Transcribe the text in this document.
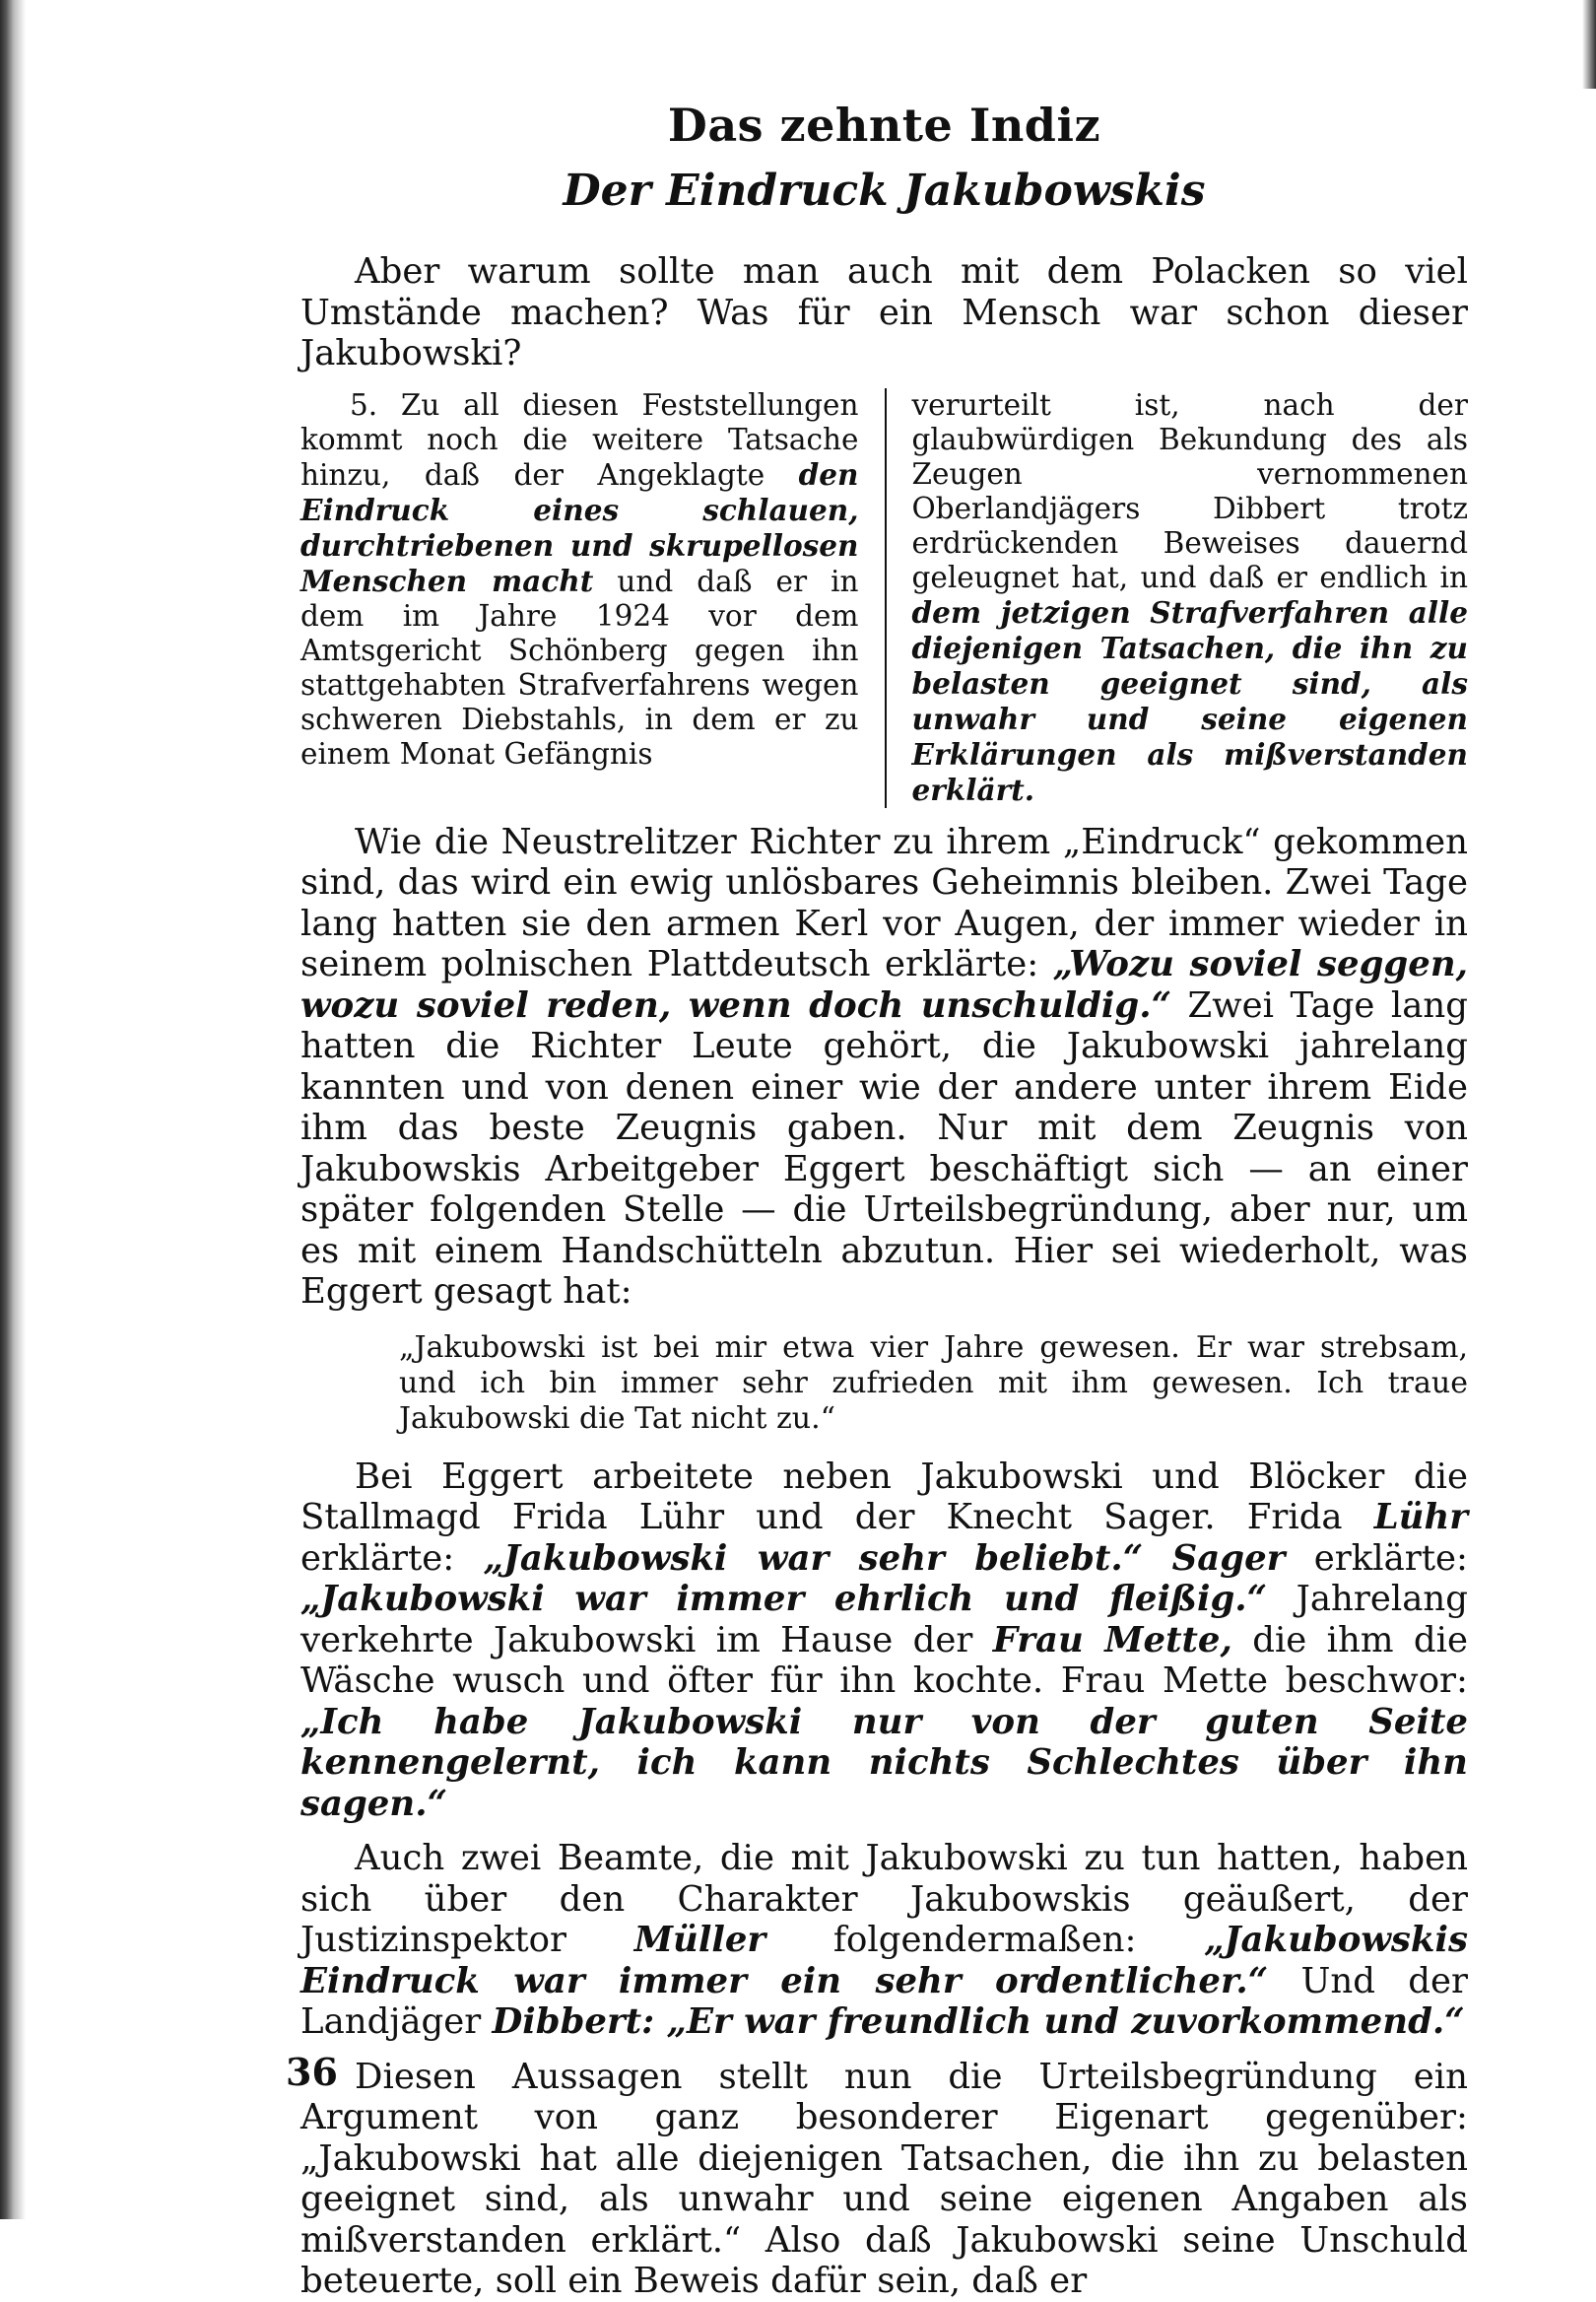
Das zehnte Indiz
Der Eindruck Jakubowskis

Aber warum sollte man auch mit dem Polacken so viel Umstände machen? Was für ein Mensch war schon dieser Jakubowski?

5. Zu all diesen Feststellungen kommt noch die weitere Tatsache hinzu, daß der Angeklagte den Eindruck eines schlauen, durchtriebenen und skrupellosen Menschen macht und daß er in dem im Jahre 1924 vor dem Amtsgericht Schönberg gegen ihn stattgehabten Strafverfahrens wegen schweren Diebstahls, in dem er zu einem Monat Gefängnis
verurteilt ist, nach der glaubwürdigen Bekundung des als Zeugen vernommenen Oberlandjägers Dibbert trotz erdrückenden Beweises dauernd geleugnet hat, und daß er endlich in dem jetzigen Strafverfahren alle diejenigen Tatsachen, die ihn zu belasten geeignet sind, als unwahr und seine eigenen Erklärungen als mißverstanden erklärt.

Wie die Neustrelitzer Richter zu ihrem „Eindruck“ gekommen sind, das wird ein ewig unlösbares Geheimnis bleiben. Zwei Tage lang hatten sie den armen Kerl vor Augen, der immer wieder in seinem polnischen Plattdeutsch erklärte: „Wozu soviel seggen, wozu soviel reden, wenn doch unschuldig.“ Zwei Tage lang hatten die Richter Leute gehört, die Jakubowski jahrelang kannten und von denen einer wie der andere unter ihrem Eide ihm das beste Zeugnis gaben. Nur mit dem Zeugnis von Jakubowskis Arbeitgeber Eggert beschäftigt sich — an einer später folgenden Stelle — die Urteilsbegründung, aber nur, um es mit einem Handschütteln abzutun. Hier sei wiederholt, was Eggert gesagt hat:

„Jakubowski ist bei mir etwa vier Jahre gewesen. Er war strebsam, und ich bin immer sehr zufrieden mit ihm gewesen. Ich traue Jakubowski die Tat nicht zu.“

Bei Eggert arbeitete neben Jakubowski und Blöcker die Stallmagd Frida Lühr und der Knecht Sager. Frida Lühr erklärte: „Jakubowski war sehr beliebt.“ Sager erklärte: „Jakubowski war immer ehrlich und fleißig.“ Jahrelang verkehrte Jakubowski im Hause der Frau Mette, die ihm die Wäsche wusch und öfter für ihn kochte. Frau Mette beschwor: „Ich habe Jakubowski nur von der guten Seite kennengelernt, ich kann nichts Schlechtes über ihn sagen.“

Auch zwei Beamte, die mit Jakubowski zu tun hatten, haben sich über den Charakter Jakubowskis geäußert, der Justizinspektor Müller folgendermaßen: „Jakubowskis Eindruck war immer ein sehr ordentlicher.“ Und der Landjäger Dibbert: „Er war freundlich und zuvorkommend.“

Diesen Aussagen stellt nun die Urteilsbegründung ein Argument von ganz besonderer Eigenart gegenüber: „Jakubowski hat alle diejenigen Tatsachen, die ihn zu belasten geeignet sind, als unwahr und seine eigenen Angaben als mißverstanden erklärt.“ Also daß Jakubowski seine Unschuld beteuerte, soll ein Beweis dafür sein, daß er

36
